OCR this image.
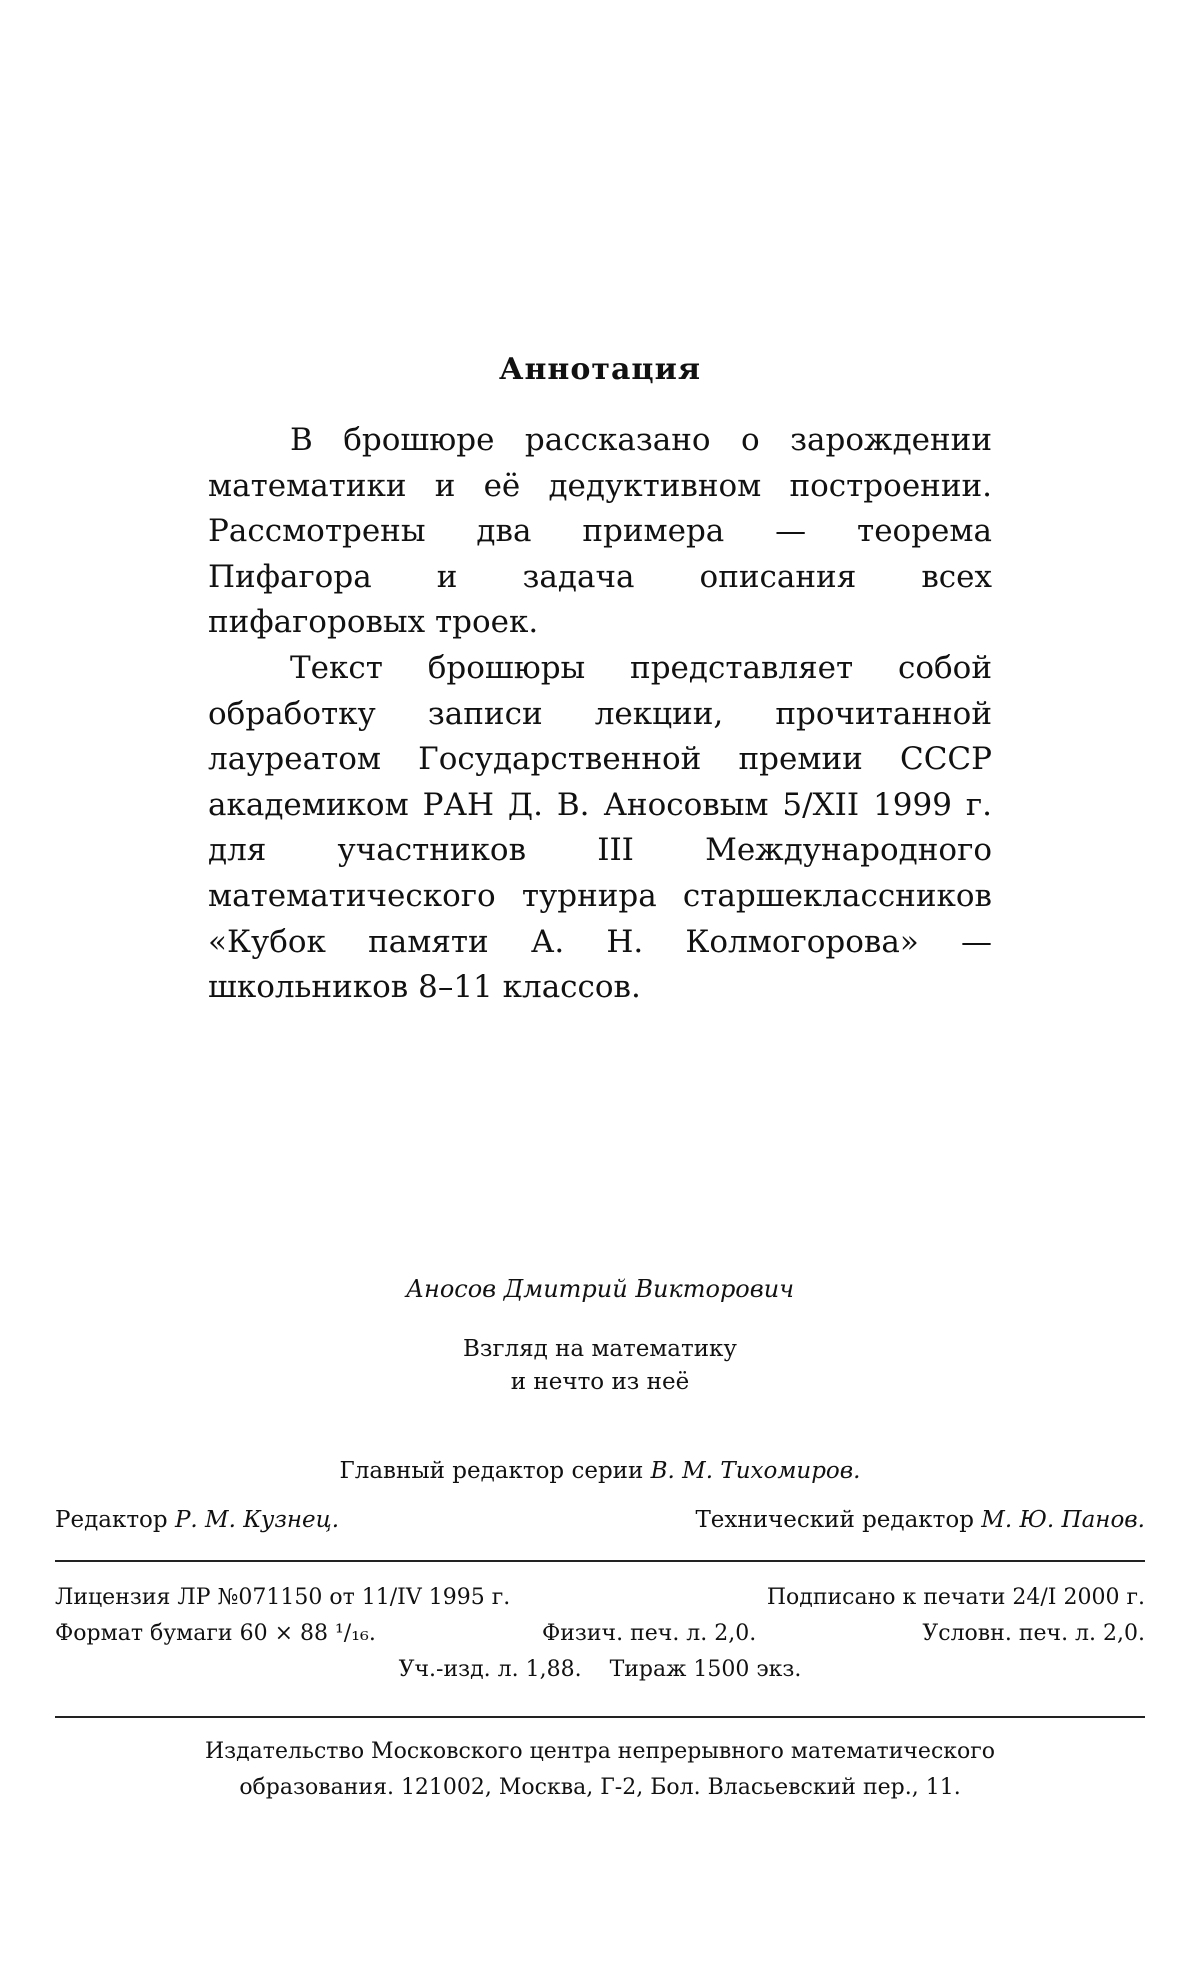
Аннотация

В брошюре рассказано о зарождении математики и её дедуктивном построении. Рассмотрены два примера — теорема Пифагора и задача описания всех пифагоровых троек.

Текст брошюры представляет собой обработку записи лекции, прочитанной лауреатом Государственной премии СССР академиком РАН Д. В. Аносовым 5/XII 1999 г. для участников III Международного математического турнира старшеклассников «Кубок памяти А. Н. Колмогорова» — школьников 8–11 классов.

Аносов Дмитрий Викторович
Взгляд на математику
и нечто из неё
Главный редактор серии В. М. Тихомиров.
Редактор Р. М. Кузнец.	Технический редактор М. Ю. Панов.
Лицензия ЛР №071150 от 11/IV 1995 г.	Подписано к печати 24/I 2000 г.
Формат бумаги 60 × 88 ¹/₁₆.	Физич. печ. л. 2,0.	Условн. печ. л. 2,0.
Уч.-изд. л. 1,88. Тираж 1500 экз.
Издательство Московского центра непрерывного математического
образования. 121002, Москва, Г-2, Бол. Власьевский пер., 11.
